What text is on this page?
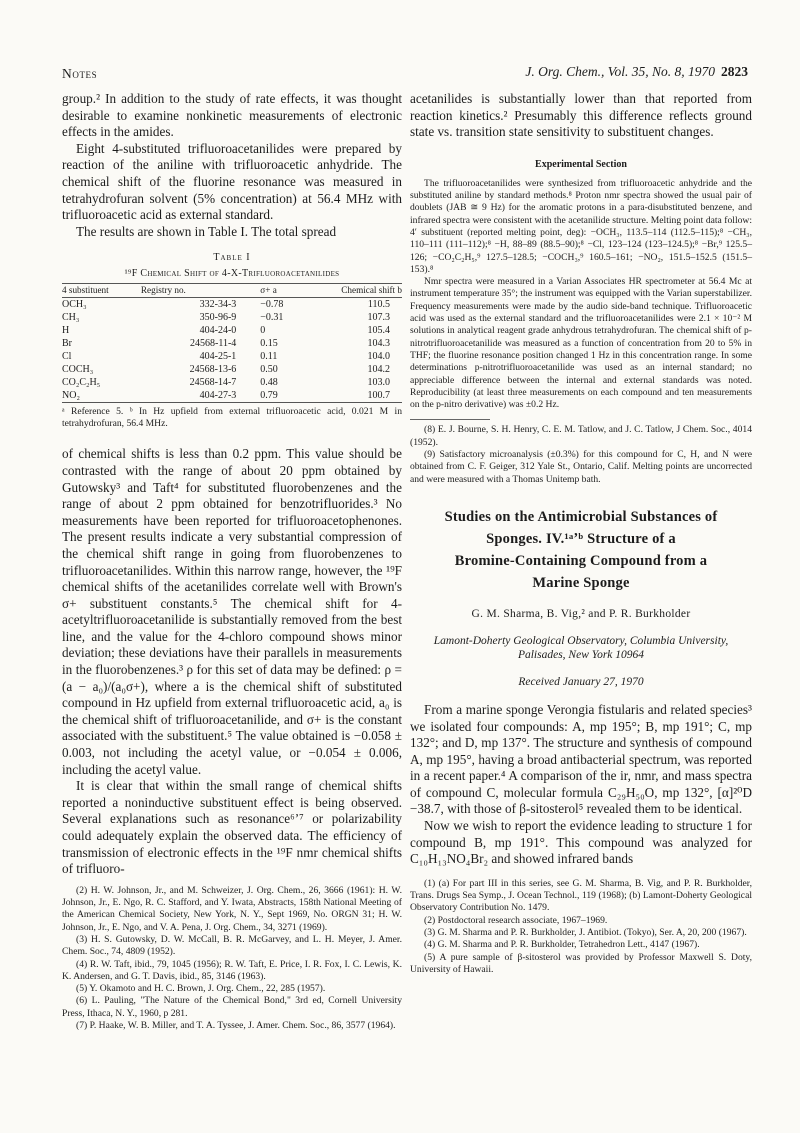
Notes	J. Org. Chem., Vol. 35, No. 8, 1970 2823

group.² In addition to the study of rate effects, it was thought desirable to examine nonkinetic measurements of electronic effects in the amides.

Eight 4-substituted trifluoroacetanilides were prepared by reaction of the aniline with trifluoroacetic anhydride. The chemical shift of the fluorine resonance was measured in tetrahydrofuran solvent (5% concentration) at 56.4 MHz with trifluoroacetic acid as external standard.

The results are shown in Table I. The total spread

Table I
¹⁹F Chemical Shift of 4-X-Trifluoroacetanilides
4 substituent	Registry no.	σ+ a	Chemical shift b
OCH₃	332-34-3	−0.78	110.5
CH₃	350-96-9	−0.31	107.3
H	404-24-0	0	105.4
Br	24568-11-4	0.15	104.3
Cl	404-25-1	0.11	104.0
COCH₃	24568-13-6	0.50	104.2
CO₂C₂H₅	24568-14-7	0.48	103.0
NO₂	404-27-3	0.79	100.7

ᵃ Reference 5. ᵇ In Hz upfield from external trifluoroacetic acid, 0.021 M in tetrahydrofuran, 56.4 MHz.

of chemical shifts is less than 0.2 ppm. This value should be contrasted with the range of about 20 ppm obtained by Gutowsky³ and Taft⁴ for substituted fluorobenzenes and the range of about 2 ppm obtained for benzotrifluorides.³ No measurements have been reported for trifluoroacetophenones. The present results indicate a very substantial compression of the chemical shift range in going from fluorobenzenes to trifluoroacetanilides. Within this narrow range, however, the ¹⁹F chemical shifts of the acetanilides correlate well with Brown's σ+ substituent constants.⁵ The chemical shift for 4-acetyltrifluoroacetanilide is substantially removed from the best line, and the value for the 4-chloro compound shows minor deviation; these deviations have their parallels in measurements in the fluorobenzenes.³ ρ for this set of data may be defined: ρ = (a − a₀)/(a₀σ+), where a is the chemical shift of substituted compound in Hz upfield from external trifluoroacetic acid, a₀ is the chemical shift of trifluoroacetanilide, and σ+ is the constant associated with the substituent.⁵ The value obtained is −0.058 ± 0.003, not including the acetyl value, or −0.054 ± 0.006, including the acetyl value.

It is clear that within the small range of chemical shifts reported a noninductive substituent effect is being observed. Several explanations such as resonance⁶ʼ⁷ or polarizability could adequately explain the observed data. The efficiency of transmission of electronic effects in the ¹⁹F nmr chemical shifts of trifluoro-

(2) H. W. Johnson, Jr., and M. Schweizer, J. Org. Chem., 26, 3666 (1961): H. W. Johnson, Jr., E. Ngo, R. C. Stafford, and Y. Iwata, Abstracts, 158th National Meeting of the American Chemical Society, New York, N. Y., Sept 1969, No. ORGN 31; H. W. Johnson, Jr., E. Ngo, and V. A. Pena, J. Org. Chem., 34, 3271 (1969).

(3) H. S. Gutowsky, D. W. McCall, B. R. McGarvey, and L. H. Meyer, J. Amer. Chem. Soc., 74, 4809 (1952).

(4) R. W. Taft, ibid., 79, 1045 (1956); R. W. Taft, E. Price, I. R. Fox, I. C. Lewis, K. K. Andersen, and G. T. Davis, ibid., 85, 3146 (1963).

(5) Y. Okamoto and H. C. Brown, J. Org. Chem., 22, 285 (1957).

(6) L. Pauling, "The Nature of the Chemical Bond," 3rd ed, Cornell University Press, Ithaca, N. Y., 1960, p 281.

(7) P. Haake, W. B. Miller, and T. A. Tyssee, J. Amer. Chem. Soc., 86, 3577 (1964).

acetanilides is substantially lower than that reported from reaction kinetics.² Presumably this difference reflects ground state vs. transition state sensitivity to substituent changes.

Experimental Section

The trifluoroacetanilides were synthesized from trifluoroacetic anhydride and the substituted aniline by standard methods.⁸ Proton nmr spectra showed the usual pair of doublets (JAB ≅ 9 Hz) for the aromatic protons in a para-disubstituted benzene, and infrared spectra were consistent with the acetanilide structure. Melting point data follow: 4′ substituent (reported melting point, deg): −OCH₃, 113.5–114 (112.5–115);⁸ −CH₃, 110–111 (111–112);⁸ −H, 88–89 (88.5–90);⁸ −Cl, 123–124 (123–124.5);⁸ −Br,⁹ 125.5–126; −CO₂C₂H₅,⁹ 127.5–128.5; −COCH₃,⁹ 160.5–161; −NO₂, 151.5–152.5 (151.5–153).⁸

Nmr spectra were measured in a Varian Associates HR spectrometer at 56.4 Mc at instrument temperature 35°; the instrument was equipped with the Varian superstabilizer. Frequency measurements were made by the audio side-band technique. Trifluoroacetic acid was used as the external standard and the trifluoroacetanilides were 2.1 × 10⁻² M solutions in analytical reagent grade anhydrous tetrahydrofuran. The chemical shift of p-nitrotrifluoroacetanilide was measured as a function of concentration from 20 to 5% in THF; the fluorine resonance position changed 1 Hz in this concentration range. In some determinations p-nitrotrifluoroacetanilide was used as an internal standard; no appreciable difference between the internal and external standards was noted. Reproducibility (at least three measurements on each compound and ten measurements on the p-nitro derivative) was ±0.2 Hz.

(8) E. J. Bourne, S. H. Henry, C. E. M. Tatlow, and J. C. Tatlow, J Chem. Soc., 4014 (1952).

(9) Satisfactory microanalysis (±0.3%) for this compound for C, H, and N were obtained from C. F. Geiger, 312 Yale St., Ontario, Calif. Melting points are uncorrected and were measured with a Thomas Unitemp bath.

Studies on the Antimicrobial Substances of
Sponges. IV.¹ᵃʼᵇ Structure of a
Bromine-Containing Compound from a
Marine Sponge
G. M. Sharma, B. Vig,² and P. R. Burkholder
Lamont-Doherty Geological Observatory, Columbia University,
Palisades, New York 10964
Received January 27, 1970

From a marine sponge Verongia fistularis and related species³ we isolated four compounds: A, mp 195°; B, mp 191°; C, mp 132°; and D, mp 137°. The structure and synthesis of compound A, mp 195°, having a broad antibacterial spectrum, was reported in a recent paper.⁴ A comparison of the ir, nmr, and mass spectra of compound C, molecular formula C₂₉H₅₀O, mp 132°, [α]²⁰D −38.7, with those of β-sitosterol⁵ revealed them to be identical.

Now we wish to report the evidence leading to structure 1 for compound B, mp 191°. This compound was analyzed for C₁₀H₁₃NO₄Br₂ and showed infrared bands

(1) (a) For part III in this series, see G. M. Sharma, B. Vig, and P. R. Burkholder, Trans. Drugs Sea Symp., J. Ocean Technol., 119 (1968); (b) Lamont-Doherty Geological Observatory Contribution No. 1479.

(2) Postdoctoral research associate, 1967–1969.

(3) G. M. Sharma and P. R. Burkholder, J. Antibiot. (Tokyo), Ser. A, 20, 200 (1967).

(4) G. M. Sharma and P. R. Burkholder, Tetrahedron Lett., 4147 (1967).

(5) A pure sample of β-sitosterol was provided by Professor Maxwell S. Doty, University of Hawaii.
